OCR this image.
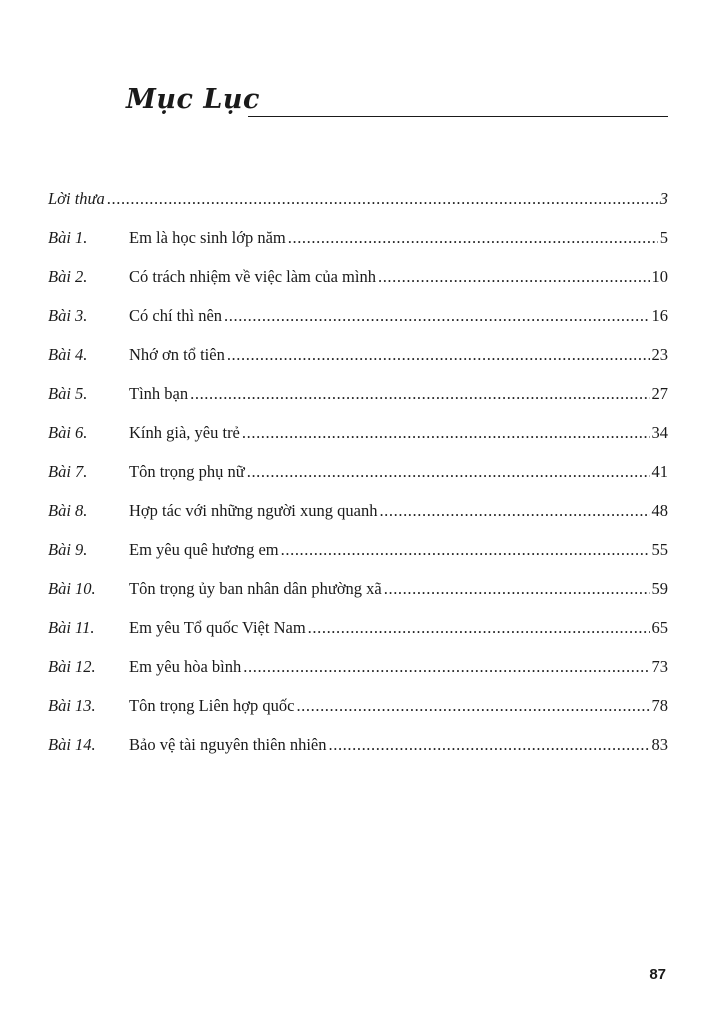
Mục Lục
Lời thưa .....	3
Bài 1.	Em là học sinh lớp năm .....	5
Bài 2.	Có trách nhiệm về việc làm của mình .....	10
Bài 3.	Có chí thì nên .....	16
Bài 4.	Nhớ ơn tổ tiên .....	23
Bài 5.	Tình bạn .....	27
Bài 6.	Kính già, yêu trẻ .....	34
Bài 7.	Tôn trọng phụ nữ .....	41
Bài 8.	Hợp tác với những người xung quanh .....	48
Bài 9.	Em yêu quê hương em .....	55
Bài 10.	Tôn trọng ủy ban nhân dân phường xã .....	59
Bài 11.	Em yêu Tổ quốc Việt Nam .....	65
Bài 12.	Em yêu hòa bình .....	73
Bài 13.	Tôn trọng Liên hợp quốc .....	78
Bài 14.	Bảo vệ tài nguyên thiên nhiên .....	83
87
